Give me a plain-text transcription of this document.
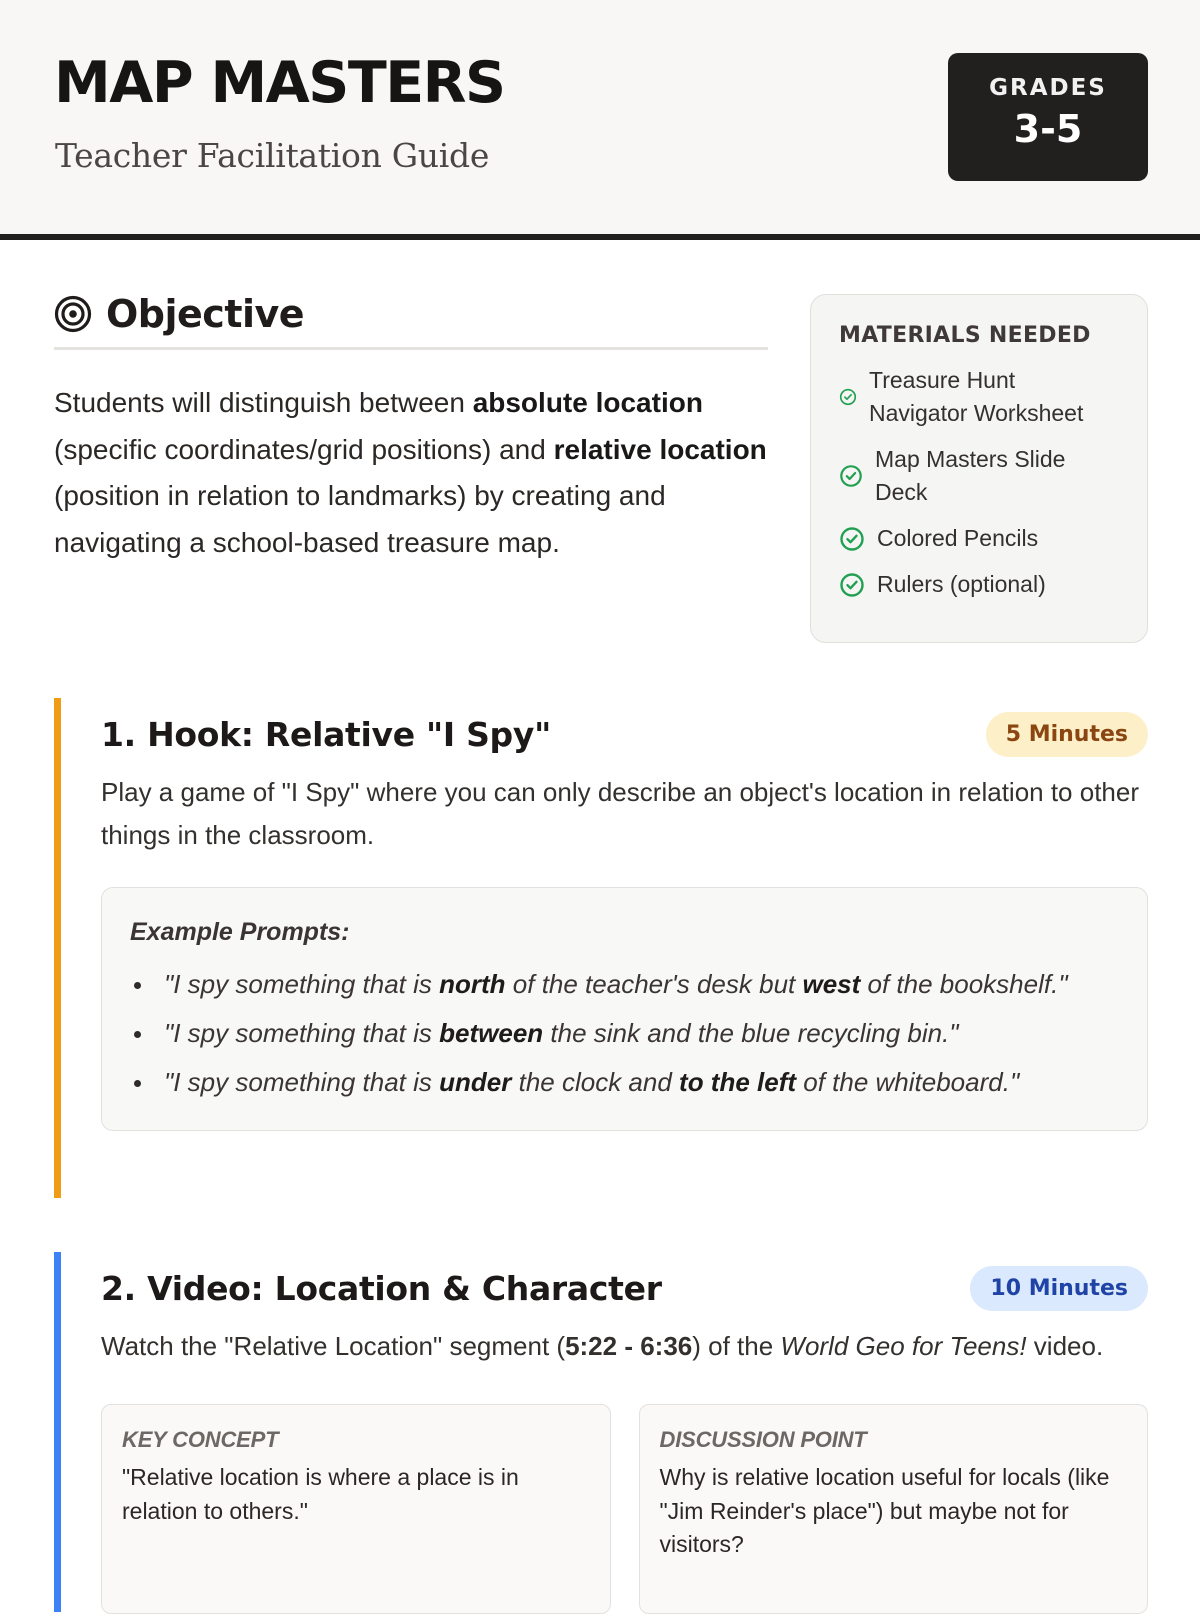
MAP MASTERS
Teacher Facilitation Guide
GRADES
3-5
Objective

Students will distinguish between absolute location (specific coordinates/grid positions) and relative location (position in relation to landmarks) by creating and navigating a school-based treasure map.

MATERIALS NEEDED
Treasure Hunt Navigator Worksheet
Map Masters Slide Deck
Colored Pencils
Rulers (optional)
1. Hook: Relative "I Spy"	5 Minutes

Play a game of "I Spy" where you can only describe an object's location in relation to other things in the classroom.

Example Prompts:
"I spy something that is north of the teacher's desk but west of the bookshelf."
"I spy something that is between the sink and the blue recycling bin."
"I spy something that is under the clock and to the left of the whiteboard."
2. Video: Location & Character	10 Minutes

Watch the "Relative Location" segment (5:22 - 6:36) of the World Geo for Teens! video.

KEY CONCEPT
"Relative location is where a place is in relation to others."
DISCUSSION POINT
Why is relative location useful for locals (like "Jim Reinder's place") but maybe not for visitors?
